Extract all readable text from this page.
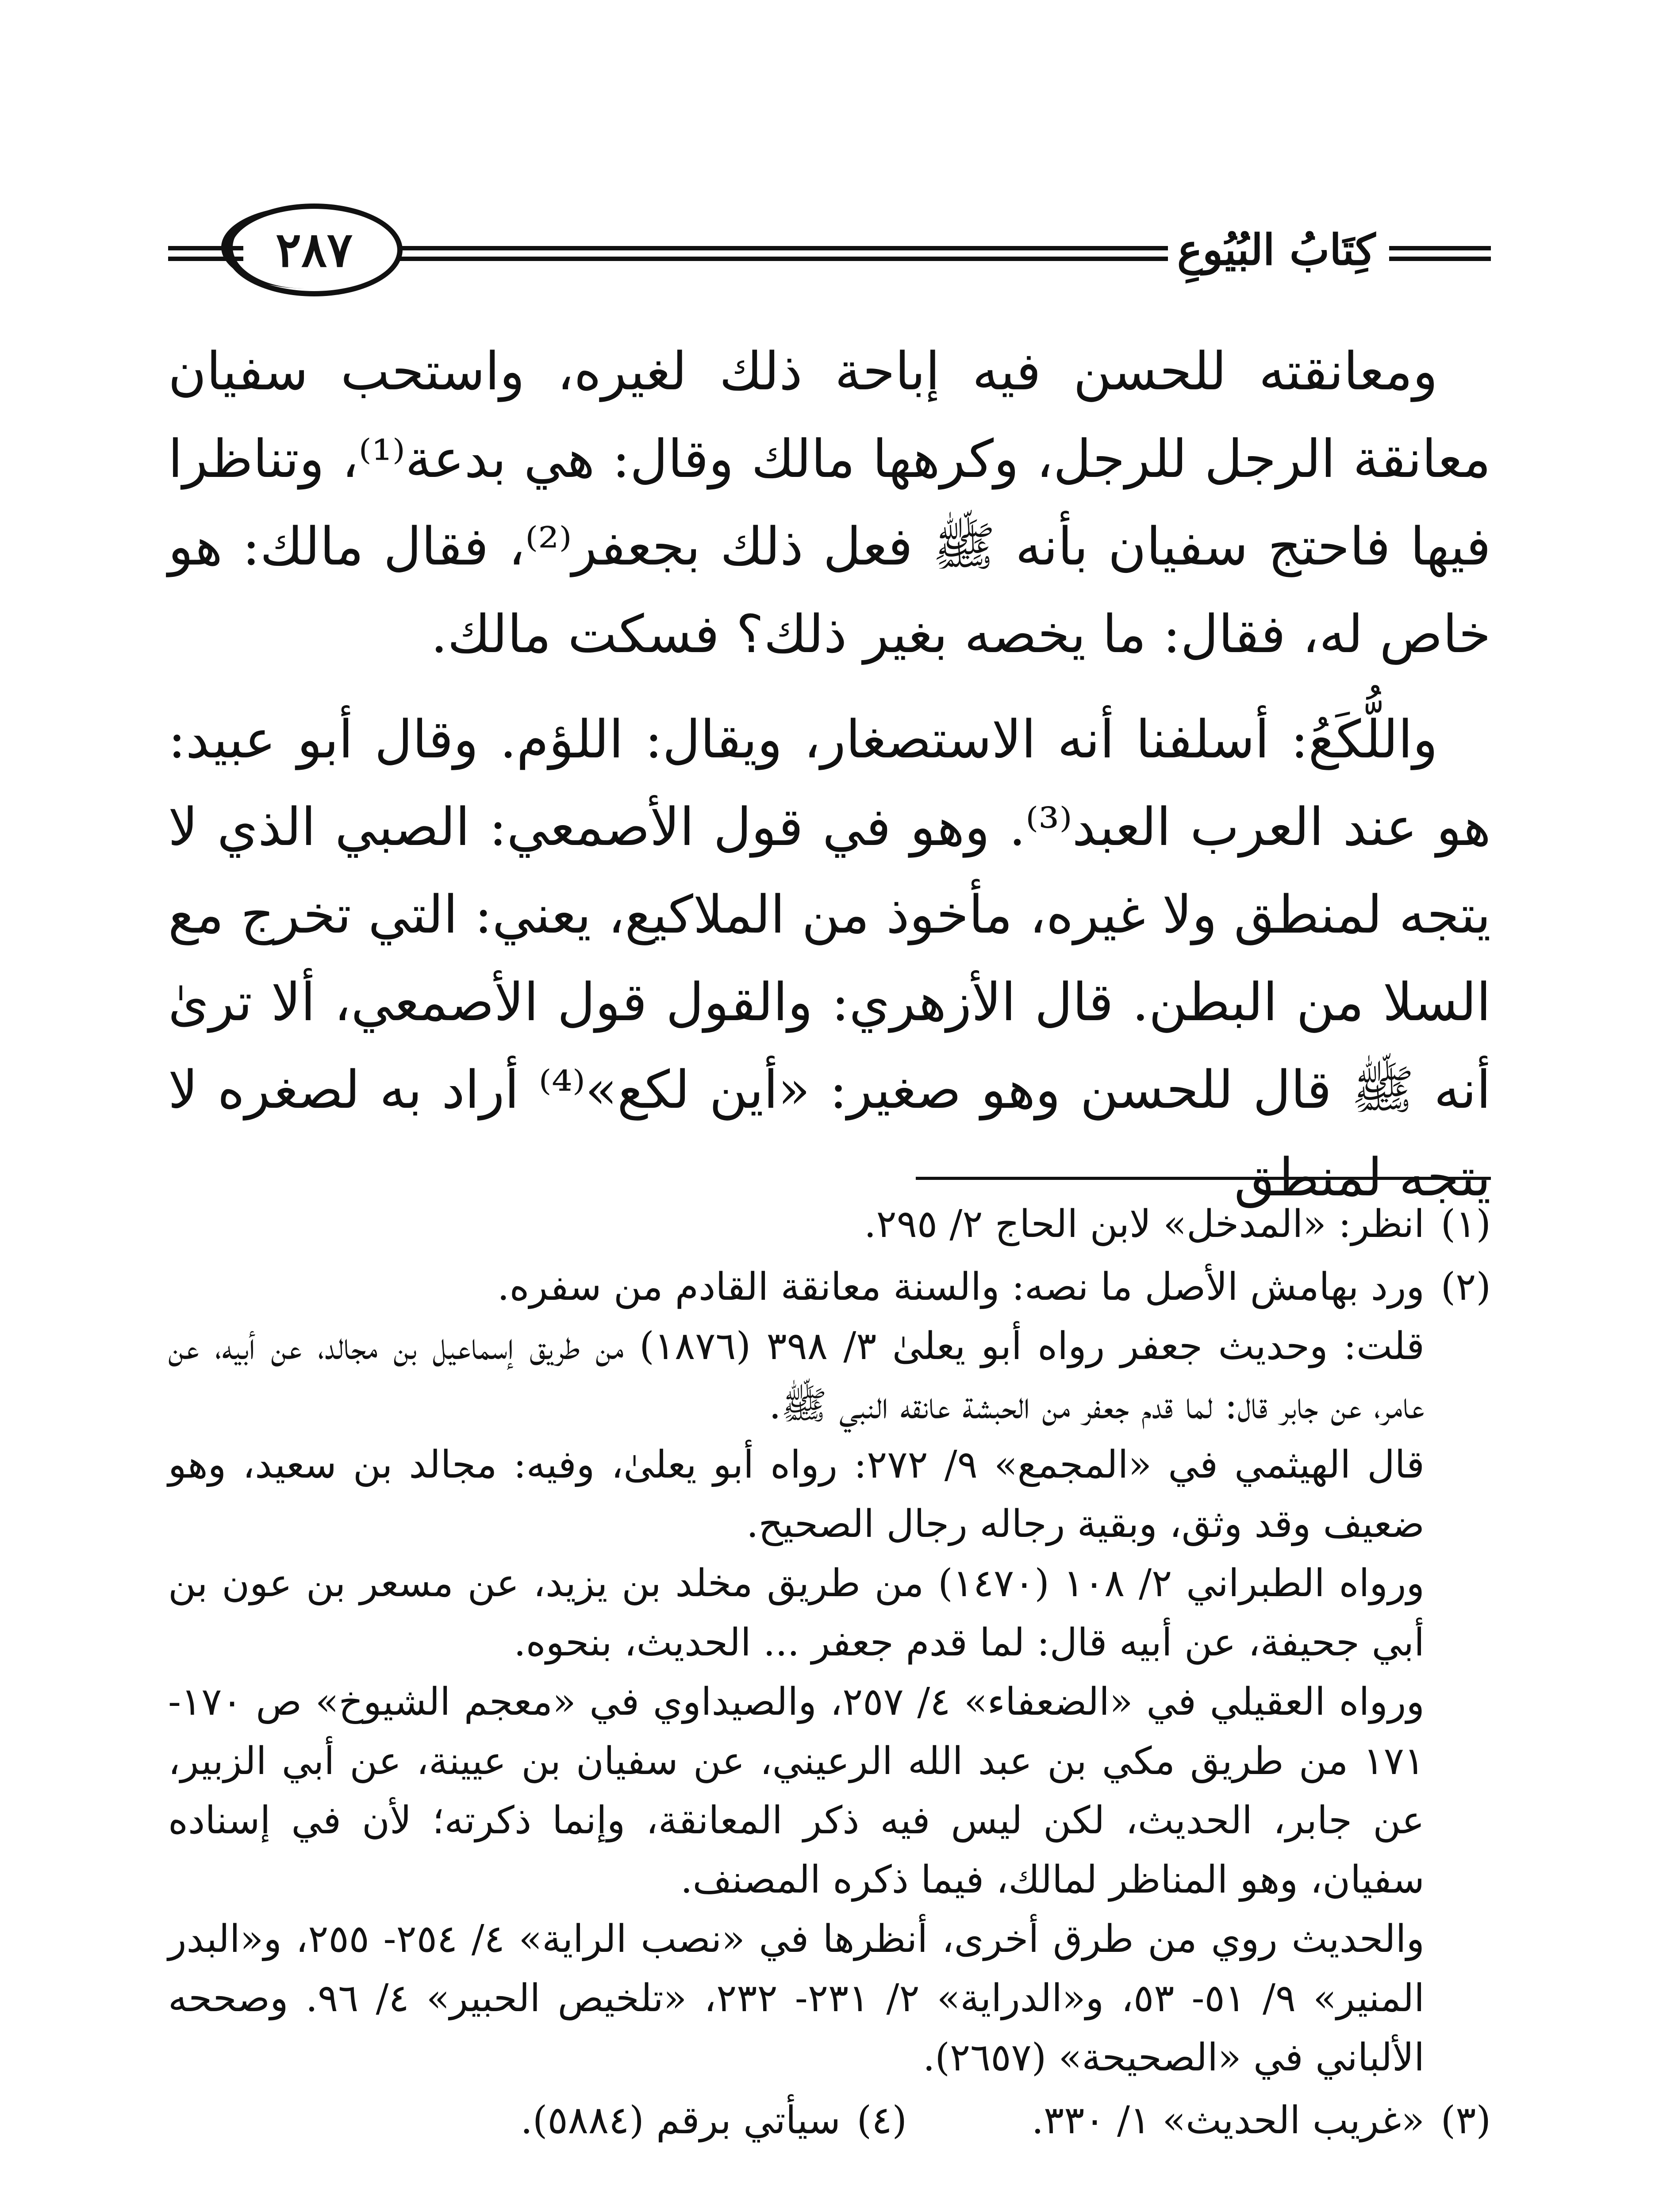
كِتَابُ البُيُوعِ
٢٨٧

ومعانقته للحسن فيه إباحة ذلك لغيره، واستحب سفيان معانقة الرجل للرجل، وكرهها مالك وقال: هي بدعة⁽¹⁾، وتناظرا فيها فاحتج سفيان بأنه ﷺ فعل ذلك بجعفر⁽²⁾، فقال مالك: هو خاص له، فقال: ما يخصه بغير ذلك؟ فسكت مالك.

واللُّكَعُ: أسلفنا أنه الاستصغار، ويقال: اللؤم. وقال أبو عبيد: هو عند العرب العبد⁽³⁾. وهو في قول الأصمعي: الصبي الذي لا يتجه لمنطق ولا غيره، مأخوذ من الملاكيع، يعني: التي تخرج مع السلا من البطن. قال الأزهري: والقول قول الأصمعي، ألا ترىٰ أنه ﷺ قال للحسن وهو صغير: «أين لكع»⁽⁴⁾ أراد به لصغره لا يتجه لمنطق

(١)

انظر: «المدخل» لابن الحاج ٢/ ٢٩٥.

(٢)

ورد بهامش الأصل ما نصه: والسنة معانقة القادم من سفره.

قلت: وحديث جعفر رواه أبو يعلىٰ ٣/ ٣٩٨ (١٨٧٦) من طريق إسماعيل بن مجالد، عن أبيه، عن عامر، عن جابر قال: لما قدم جعفر من الحبشة عانقه النبي ﷺ.

قال الهيثمي في «المجمع» ٩/ ٢٧٢: رواه أبو يعلىٰ، وفيه: مجالد بن سعيد، وهو ضعيف وقد وثق، وبقية رجاله رجال الصحيح.

ورواه الطبراني ٢/ ١٠٨ (١٤٧٠) من طريق مخلد بن يزيد، عن مسعر بن عون بن أبي جحيفة، عن أبيه قال: لما قدم جعفر ... الحديث، بنحوه.

ورواه العقيلي في «الضعفاء» ٤/ ٢٥٧، والصيداوي في «معجم الشيوخ» ص ١٧٠- ١٧١ من طريق مكي بن عبد الله الرعيني، عن سفيان بن عيينة، عن أبي الزبير، عن جابر، الحديث، لكن ليس فيه ذكر المعانقة، وإنما ذكرته؛ لأن في إسناده سفيان، وهو المناظر لمالك، فيما ذكره المصنف.

والحديث روي من طرق أخرى، أنظرها في «نصب الراية» ٤/ ٢٥٤- ٢٥٥، و«البدر المنير» ٩/ ٥١- ٥٣، و«الدراية» ٢/ ٢٣١- ٢٣٢، «تلخيص الحبير» ٤/ ٩٦. وصححه الألباني في «الصحيحة» (٢٦٥٧).

(٣)
«غريب الحديث» ١/ ٣٣٠.
(٤)
سيأتي برقم (٥٨٨٤).
